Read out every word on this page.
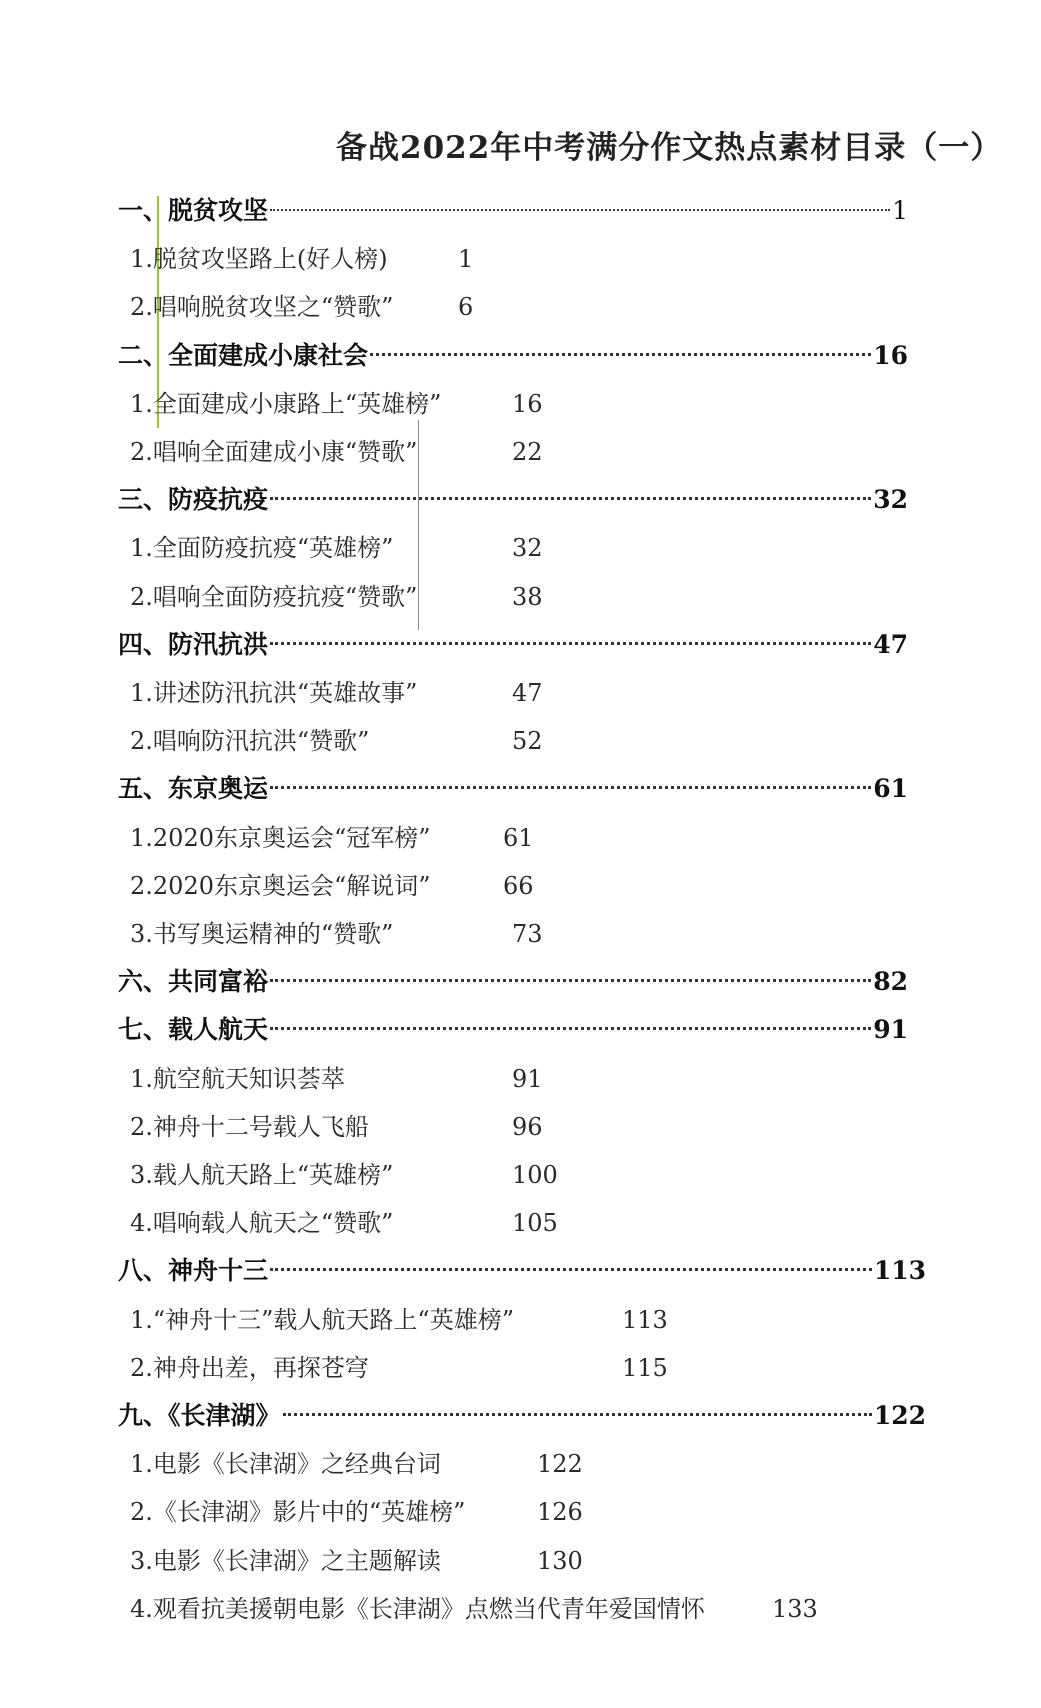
备战2022年中考满分作文热点素材目录（一）
一、脱贫攻坚	1
1.脱贫攻坚路上(好人榜)	1
2.唱响脱贫攻坚之“赞歌”	6
二、全面建成小康社会	16
1.全面建成小康路上“英雄榜”	16
2.唱响全面建成小康“赞歌”	22
三、防疫抗疫	32
1.全面防疫抗疫“英雄榜”	32
2.唱响全面防疫抗疫“赞歌”	38
四、防汛抗洪	47
1.讲述防汛抗洪“英雄故事”	47
2.唱响防汛抗洪“赞歌”	52
五、东京奥运	61
1.2020东京奥运会“冠军榜”	61
2.2020东京奥运会“解说词”	66
3.书写奥运精神的“赞歌”	73
六、共同富裕	82
七、载人航天	91
1.航空航天知识荟萃	91
2.神舟十二号载人飞船	96
3.载人航天路上“英雄榜”	100
4.唱响载人航天之“赞歌”	105
八、神舟十三	113
1.“神舟十三”载人航天路上“英雄榜”	113
2.神舟出差，再探苍穹	115
九、《长津湖》	122
1.电影《长津湖》之经典台词	122
2.《长津湖》影片中的“英雄榜”	126
3.电影《长津湖》之主题解读	130
4.观看抗美援朝电影《长津湖》点燃当代青年爱国情怀	133
